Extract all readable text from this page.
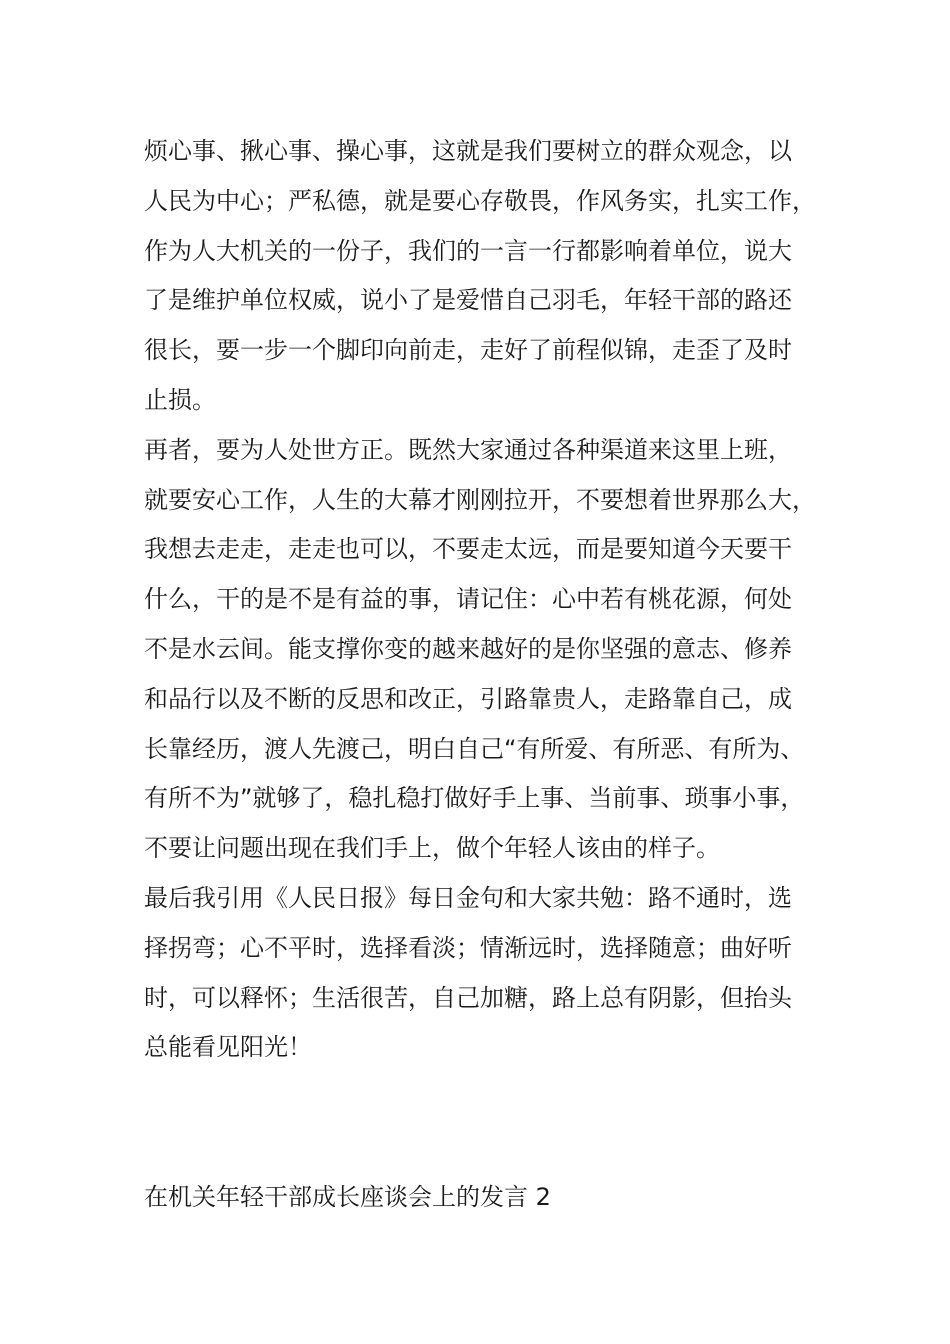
烦心事、揪心事、操心事，这就是我们要树立的群众观念，以

人民为中心；严私德，就是要心存敬畏，作风务实，扎实工作，

作为人大机关的一份子，我们的一言一行都影响着单位，说大

了是维护单位权威，说小了是爱惜自己羽毛，年轻干部的路还

很长，要一步一个脚印向前走，走好了前程似锦，走歪了及时

止损。

再者，要为人处世方正。既然大家通过各种渠道来这里上班，

就要安心工作，人生的大幕才刚刚拉开，不要想着世界那么大，

我想去走走，走走也可以，不要走太远，而是要知道今天要干

什么，干的是不是有益的事，请记住：心中若有桃花源，何处

不是水云间。能支撑你变的越来越好的是你坚强的意志、修养

和品行以及不断的反思和改正，引路靠贵人，走路靠自己，成

长靠经历，渡人先渡己，明白自己“有所爱、有所恶、有所为、

有所不为”就够了，稳扎稳打做好手上事、当前事、琐事小事，

不要让问题出现在我们手上，做个年轻人该由的样子。

最后我引用《人民日报》每日金句和大家共勉：路不通时，选

择拐弯；心不平时，选择看淡；情渐远时，选择随意；曲好听

时，可以释怀；生活很苦，自己加糖，路上总有阴影，但抬头

总能看见阳光！

在机关年轻干部成长座谈会上的发言 2
